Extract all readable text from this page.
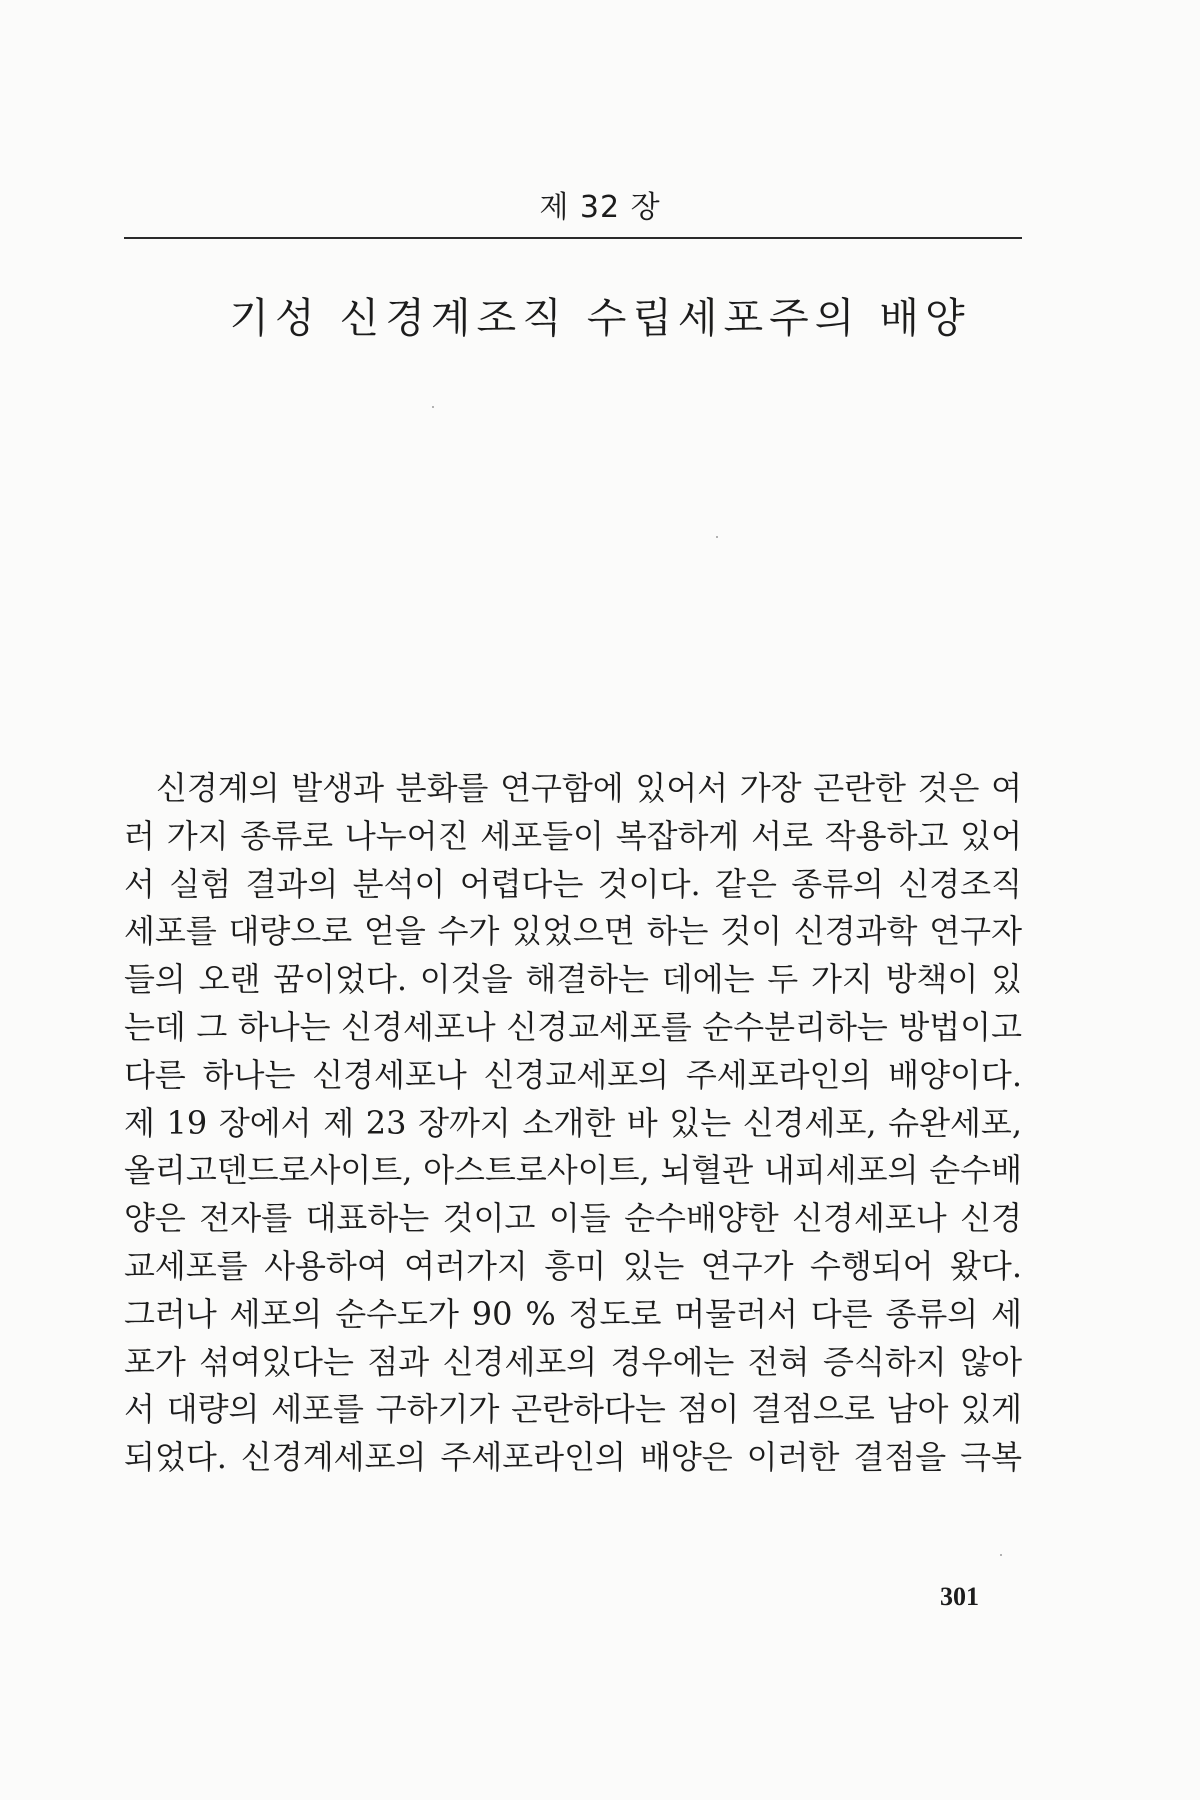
제 32 장
기성 신경계조직 수립세포주의 배양
신경계의 발생과 분화를 연구함에 있어서 가장 곤란한 것은 여
러 가지 종류로 나누어진 세포들이 복잡하게 서로 작용하고 있어
서 실험 결과의 분석이 어렵다는 것이다. 같은 종류의 신경조직
세포를 대량으로 얻을 수가 있었으면 하는 것이 신경과학 연구자
들의 오랜 꿈이었다. 이것을 해결하는 데에는 두 가지 방책이 있
는데 그 하나는 신경세포나 신경교세포를 순수분리하는 방법이고
다른 하나는 신경세포나 신경교세포의 주세포라인의 배양이다.
제 19 장에서 제 23 장까지 소개한 바 있는 신경세포, 슈완세포,
올리고덴드로사이트, 아스트로사이트, 뇌혈관 내피세포의 순수배
양은 전자를 대표하는 것이고 이들 순수배양한 신경세포나 신경
교세포를 사용하여 여러가지 흥미 있는 연구가 수행되어 왔다.
그러나 세포의 순수도가 90 % 정도로 머물러서 다른 종류의 세
포가 섞여있다는 점과 신경세포의 경우에는 전혀 증식하지 않아
서 대량의 세포를 구하기가 곤란하다는 점이 결점으로 남아 있게
되었다. 신경계세포의 주세포라인의 배양은 이러한 결점을 극복
301
